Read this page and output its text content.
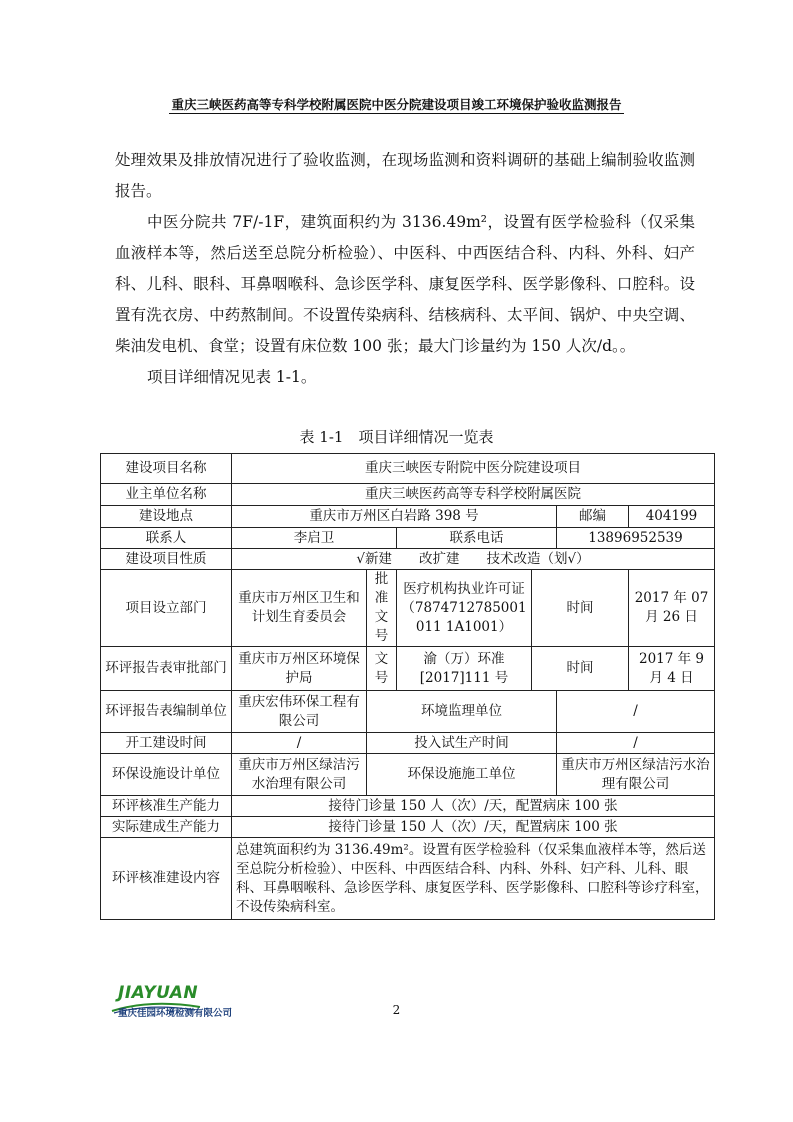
重庆三峡医药高等专科学校附属医院中医分院建设项目竣工环境保护验收监测报告

处理效果及排放情况进行了验收监测，在现场监测和资料调研的基础上编制验收监测报告。

中医分院共 7F/-1F，建筑面积约为 3136.49m²，设置有医学检验科（仅采集血液样本等，然后送至总院分析检验）、中医科、中西医结合科、内科、外科、妇产科、儿科、眼科、耳鼻咽喉科、急诊医学科、康复医学科、医学影像科、口腔科。设置有洗衣房、中药熬制间。不设置传染病科、结核病科、太平间、锅炉、中央空调、柴油发电机、食堂；设置有床位数 100 张；最大门诊量约为 150 人次/d。。

项目详细情况见表 1-1。

表 1-1　项目详细情况一览表
建设项目名称	重庆三峡医专附院中医分院建设项目					
业主单位名称	重庆三峡医药高等专科学校附属医院					
建设地点	重庆市万州区白岩路 398 号				邮编	404199
联系人	李启卫		联系电话		13896952539	
建设项目性质	√新建　　改扩建　　技术改造（划√）					
项目设立部门	重庆市万州区卫生和计划生育委员会	批准文号	医疗机构执业许可证（7874712785001011 1A1001）	时间		2017 年 07 月 26 日
环评报告表审批部门	重庆市万州区环境保护局	文号	渝（万）环准[2017]111 号	时间		2017 年 9 月 4 日
环评报告表编制单位	重庆宏伟环保工程有限公司	环境监理单位			/	
开工建设时间	/	投入试生产时间			/	
环保设施设计单位	重庆市万州区绿洁污水治理有限公司	环保设施施工单位			重庆市万州区绿洁污水治理有限公司	
环评核准生产能力	接待门诊量 150 人（次）/天，配置病床 100 张					
实际建成生产能力	接待门诊量 150 人（次）/天，配置病床 100 张					
环评核准建设内容	总建筑面积约为 3136.49m²。设置有医学检验科（仅采集血液样本等，然后送至总院分析检验）、中医科、中西医结合科、内科、外科、妇产科、儿科、眼科、耳鼻咽喉科、急诊医学科、康复医学科、医学影像科、口腔科等诊疗科室，不设传染病科室。					
JIAYUAN
重庆佳园环境检测有限公司	2
